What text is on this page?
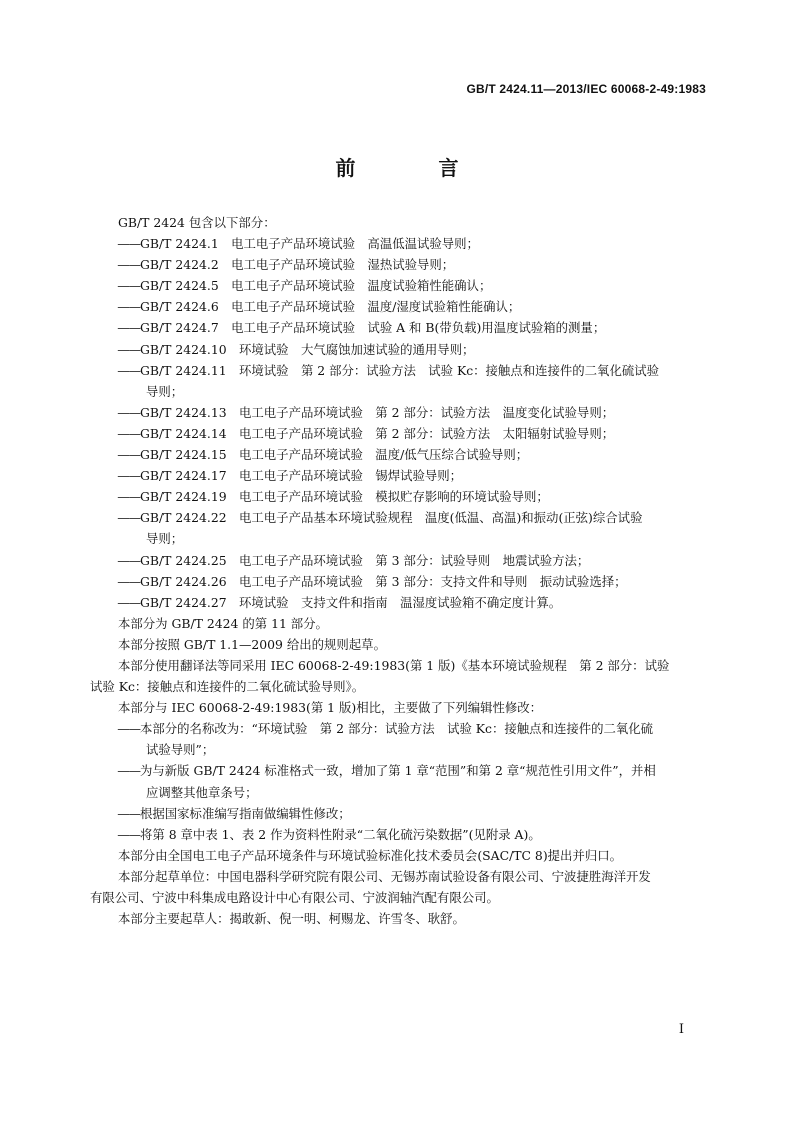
GB/T 2424.11—2013/IEC 60068-2-49:1983
前 言
GB/T 2424 包含以下部分：
—— GB/T 2424.1　电工电子产品环境试验　高温低温试验导则；
—— GB/T 2424.2　电工电子产品环境试验　湿热试验导则；
—— GB/T 2424.5　电工电子产品环境试验　温度试验箱性能确认；
—— GB/T 2424.6　电工电子产品环境试验　温度/湿度试验箱性能确认；
—— GB/T 2424.7　电工电子产品环境试验　试验 A 和 B(带负载)用温度试验箱的测量；
—— GB/T 2424.10　环境试验　大气腐蚀加速试验的通用导则；
—— GB/T 2424.11　环境试验　第 2 部分：试验方法　试验 Kc：接触点和连接件的二氧化硫试验
导则；
—— GB/T 2424.13　电工电子产品环境试验　第 2 部分：试验方法　温度变化试验导则；
—— GB/T 2424.14　电工电子产品环境试验　第 2 部分：试验方法　太阳辐射试验导则；
—— GB/T 2424.15　电工电子产品环境试验　温度/低气压综合试验导则；
—— GB/T 2424.17　电工电子产品环境试验　锡焊试验导则；
—— GB/T 2424.19　电工电子产品环境试验　模拟贮存影响的环境试验导则；
—— GB/T 2424.22　电工电子产品基本环境试验规程　温度(低温、高温)和振动(正弦)综合试验
导则；
—— GB/T 2424.25　电工电子产品环境试验　第 3 部分：试验导则　地震试验方法；
—— GB/T 2424.26　电工电子产品环境试验　第 3 部分：支持文件和导则　振动试验选择；
—— GB/T 2424.27　环境试验　支持文件和指南　温湿度试验箱不确定度计算。
本部分为 GB/T 2424 的第 11 部分。
本部分按照 GB/T 1.1—2009 给出的规则起草。
本部分使用翻译法等同采用 IEC 60068-2-49:1983(第 1 版)《基本环境试验规程　第 2 部分：试验
试验 Kc：接触点和连接件的二氧化硫试验导则》。
本部分与 IEC 60068-2-49:1983(第 1 版)相比，主要做了下列编辑性修改：
—— 本部分的名称改为：“环境试验　第 2 部分：试验方法　试验 Kc：接触点和连接件的二氧化硫
试验导则”；
—— 为与新版 GB/T 2424 标准格式一致，增加了第 1 章“范围”和第 2 章“规范性引用文件”，并相
应调整其他章条号；
—— 根据国家标准编写指南做编辑性修改；
—— 将第 8 章中表 1、表 2 作为资料性附录“二氧化硫污染数据”(见附录 A)。
本部分由全国电工电子产品环境条件与环境试验标准化技术委员会(SAC/TC 8)提出并归口。
本部分起草单位：中国电器科学研究院有限公司、无锡苏南试验设备有限公司、宁波捷胜海洋开发
有限公司、宁波中科集成电路设计中心有限公司、宁波润轴汽配有限公司。
本部分主要起草人：揭敢新、倪一明、柯赐龙、许雪冬、耿舒。
I
